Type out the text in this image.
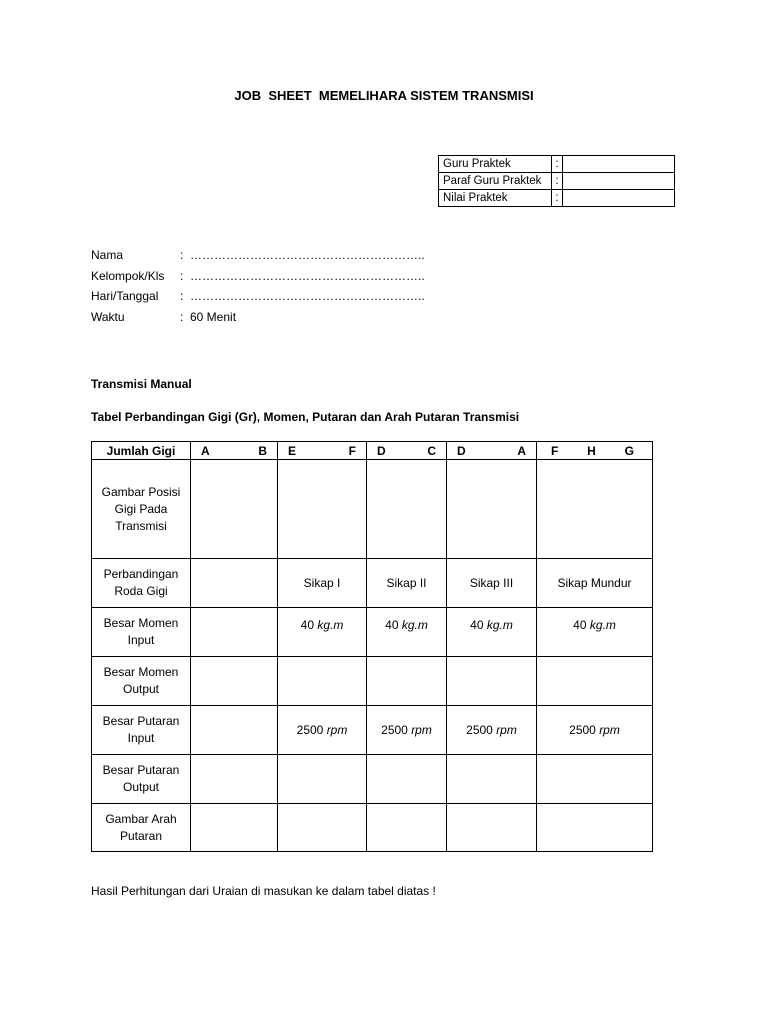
JOB  SHEET  MEMELIHARA SISTEM TRANSMISI
Guru Praktek	:	
Paraf Guru Praktek	:	
Nilai Praktek	:	
Nama	: …………………………………………………..
Kelompok/Kls : …………………………………………………..
Hari/Tanggal : …………………………………………………..
Waktu	: 60 Menit
Transmisi Manual
Tabel Perbandingan Gigi (Gr), Momen, Putaran dan Arah Putaran Transmisi
Jumlah Gigi	A B	E F	D C	D A	F H G

Gambar Posisi Gigi Pada Transmisi					
Perbandingan Roda Gigi		Sikap I	Sikap II	Sikap III	Sikap Mundur
Besar Momen Input		40 kg.m	40 kg.m	40 kg.m	40 kg.m
Besar Momen Output					
Besar Putaran Input		2500 rpm	2500 rpm	2500 rpm	2500 rpm
Besar Putaran Output					
Gambar Arah Putaran					
Hasil Perhitungan dari Uraian di masukan ke dalam tabel diatas !
